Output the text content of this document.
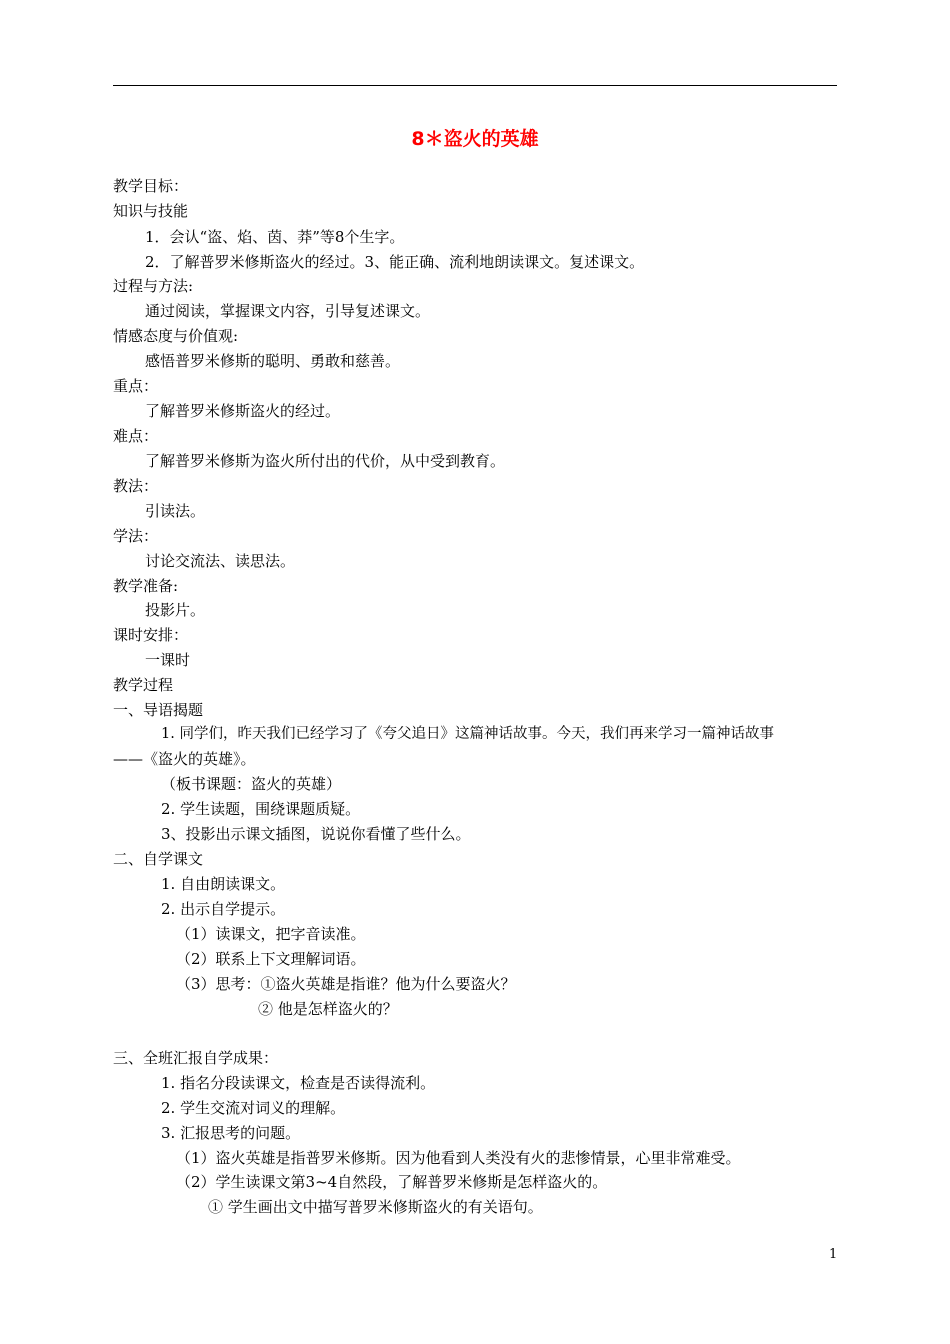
8＊盗火的英雄
教学目标：
知识与技能
1．会认“盗、焰、茵、莽”等8个生字。
2．了解普罗米修斯盗火的经过。3、能正确、流利地朗读课文。复述课文。
过程与方法:
通过阅读，掌握课文内容，引导复述课文。
情感态度与价值观:
感悟普罗米修斯的聪明、勇敢和慈善。
重点：
了解普罗米修斯盗火的经过。
难点：
了解普罗米修斯为盗火所付出的代价，从中受到教育。
教法：
引读法。
学法：
讨论交流法、读思法。
教学准备:
投影片。
课时安排：
一课时
教学过程
一、导语揭题
1. 同学们，昨天我们已经学习了《夸父追日》这篇神话故事。今天，我们再来学习一篇神话故事
——《盗火的英雄》。
（板书课题：盗火的英雄）
2. 学生读题，围绕课题质疑。
3、投影出示课文插图，说说你看懂了些什么。
二、自学课文
1. 自由朗读课文。
2. 出示自学提示。
（1）读课文，把字音读准。
（2）联系上下文理解词语。
（3）思考：①盗火英雄是指谁？他为什么要盗火？
② 他是怎样盗火的？
三、全班汇报自学成果：
1. 指名分段读课文，检查是否读得流利。
2. 学生交流对词义的理解。
3. 汇报思考的问题。
（1）盗火英雄是指普罗米修斯。因为他看到人类没有火的悲惨情景，心里非常难受。
（2）学生读课文第3~4自然段，了解普罗米修斯是怎样盗火的。
① 学生画出文中描写普罗米修斯盗火的有关语句。
1
